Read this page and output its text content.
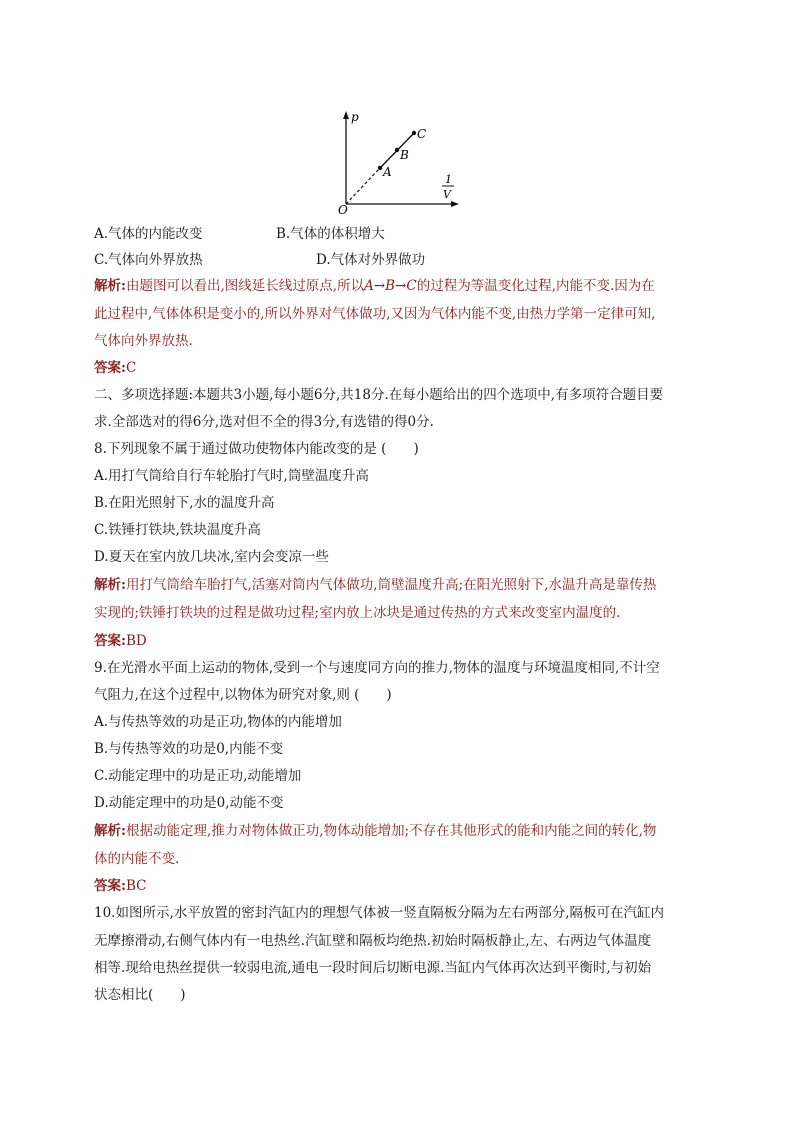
p
A
B
C
O
1
V
A.气体的内能改变	B.气体的体积增大
C.气体向外界放热	D.气体对外界做功
解析:由题图可以看出,图线延长线过原点,所以A→B→C的过程为等温变化过程,内能不变.因为在
此过程中,气体体积是变小的,所以外界对气体做功,又因为气体内能不变,由热力学第一定律可知,
气体向外界放热.
答案:C
二、多项选择题:本题共3小题,每小题6分,共18分.在每小题给出的四个选项中,有多项符合题目要
求.全部选对的得6分,选对但不全的得3分,有选错的得0分.
8.下列现象不属于通过做功使物体内能改变的是 (　　)
A.用打气筒给自行车轮胎打气时,筒壁温度升高
B.在阳光照射下,水的温度升高
C.铁锤打铁块,铁块温度升高
D.夏天在室内放几块冰,室内会变凉一些
解析:用打气筒给车胎打气,活塞对筒内气体做功,筒壁温度升高;在阳光照射下,水温升高是靠传热
实现的;铁锤打铁块的过程是做功过程;室内放上冰块是通过传热的方式来改变室内温度的.
答案:BD
9.在光滑水平面上运动的物体,受到一个与速度同方向的推力,物体的温度与环境温度相同,不计空
气阻力,在这个过程中,以物体为研究对象,则 (　　)
A.与传热等效的功是正功,物体的内能增加
B.与传热等效的功是0,内能不变
C.动能定理中的功是正功,动能增加
D.动能定理中的功是0,动能不变
解析:根据动能定理,推力对物体做正功,物体动能增加;不存在其他形式的能和内能之间的转化,物
体的内能不变.
答案:BC
10.如图所示,水平放置的密封汽缸内的理想气体被一竖直隔板分隔为左右两部分,隔板可在汽缸内
无摩擦滑动,右侧气体内有一电热丝.汽缸壁和隔板均绝热.初始时隔板静止,左、右两边气体温度
相等.现给电热丝提供一较弱电流,通电一段时间后切断电源.当缸内气体再次达到平衡时,与初始
状态相比(　　)
